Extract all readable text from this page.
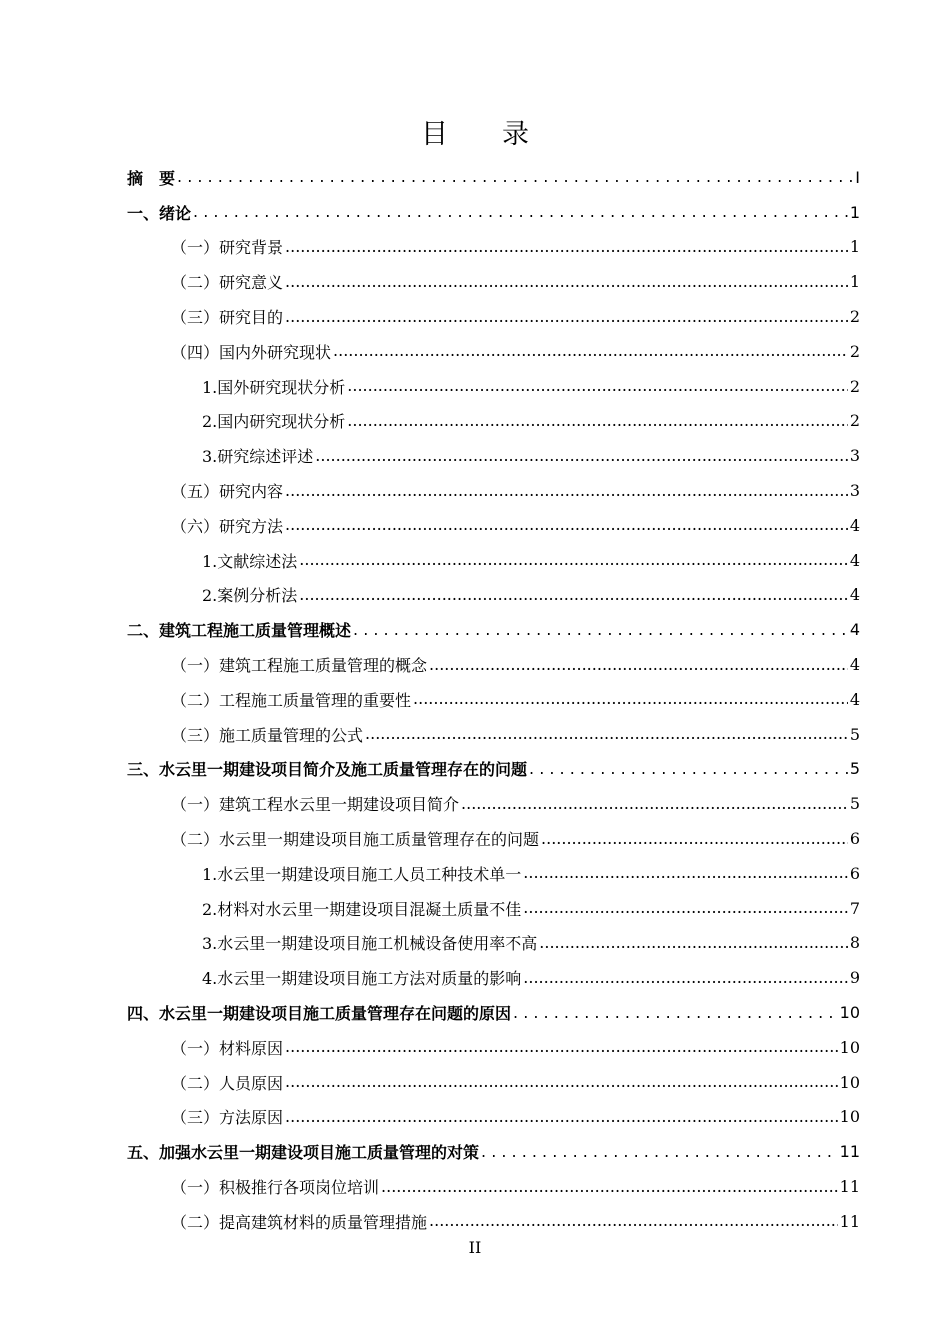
目 录
摘　要 . . .	I
一、绪论 . . .	1
（一）研究背景 .....	1
（二）研究意义 .....	1
（三）研究目的 .....	2
（四）国内外研究现状 .....	2
1.国外研究现状分析 .....	2
2.国内研究现状分析 .....	2
3.研究综述评述 .....	3
（五）研究内容 .....	3
（六）研究方法 .....	4
1.文献综述法 .....	4
2.案例分析法 .....	4
二、建筑工程施工质量管理概述 . . .	4
（一）建筑工程施工质量管理的概念 .....	4
（二）工程施工质量管理的重要性 .....	4
（三）施工质量管理的公式 .....	5
三、水云里一期建设项目简介及施工质量管理存在的问题 . . .	5
（一）建筑工程水云里一期建设项目简介 .....	5
（二）水云里一期建设项目施工质量管理存在的问题 .....	6
1.水云里一期建设项目施工人员工种技术单一 .....	6
2.材料对水云里一期建设项目混凝土质量不佳 .....	7
3.水云里一期建设项目施工机械设备使用率不高 .....	8
4.水云里一期建设项目施工方法对质量的影响 .....	9
四、水云里一期建设项目施工质量管理存在问题的原因 . . .	10
（一）材料原因 .....	10
（二）人员原因 .....	10
（三）方法原因 .....	10
五、加强水云里一期建设项目施工质量管理的对策 . . .	11
（一）积极推行各项岗位培训 .....	11
（二）提高建筑材料的质量管理措施 .....	11
II
